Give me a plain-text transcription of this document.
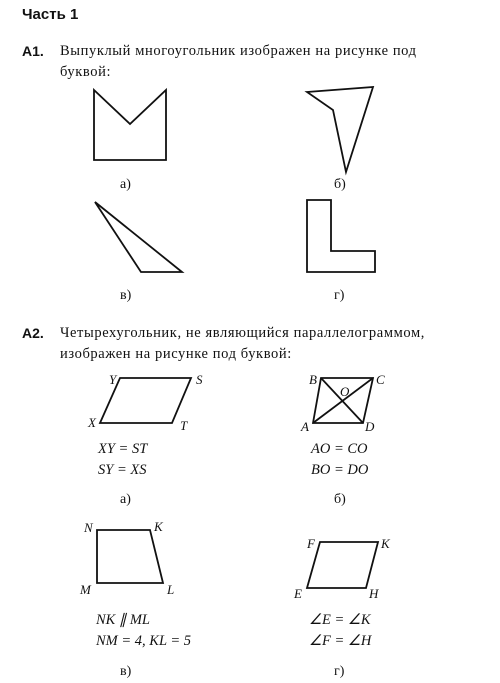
Часть 1
А1. Выпуклый многоугольник изображен на рисунке под
буквой:
Y	S
X	T
B	C
O
A	D
N	K
M	L
F	K
E	H
а)	б)
в)	г)
А2. Четырехугольник, не являющийся параллелограммом,
изображен на рисунке под буквой:
XY = ST
SY = XS
AO = CO
BO = DO
NK ∥ ML
NM = 4, KL = 5
∠E = ∠K
∠F = ∠H
а)	б)
в)	г)
